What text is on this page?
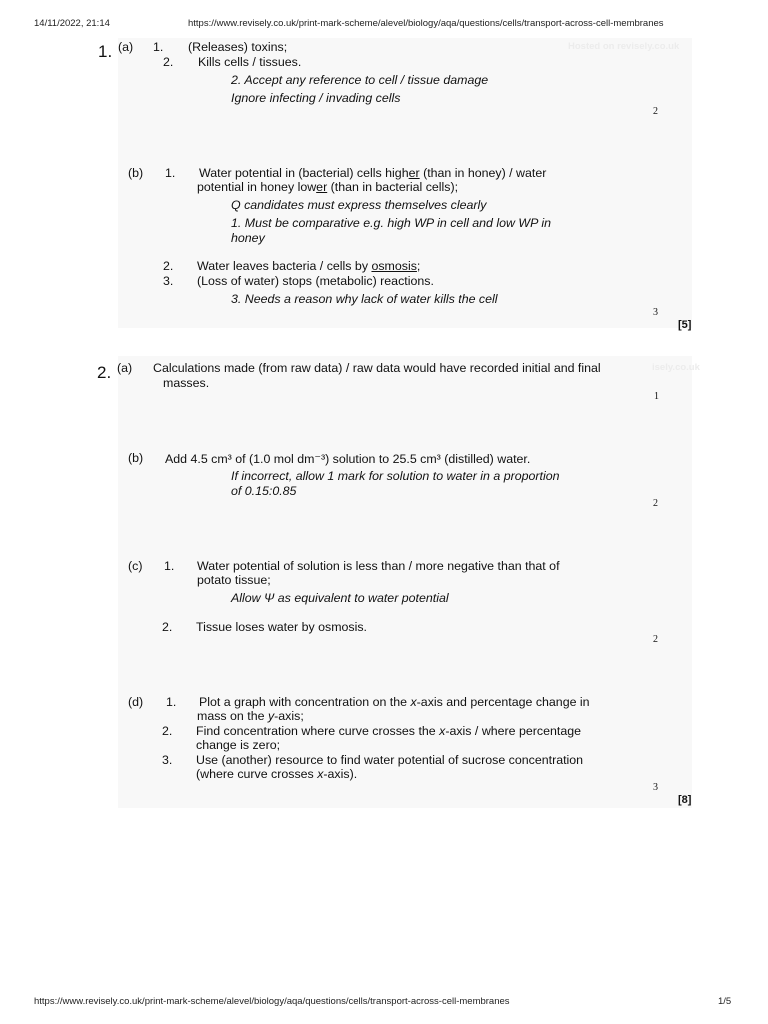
14/11/2022, 21:14	https://www.revisely.co.uk/print-mark-scheme/alevel/biology/aqa/questions/cells/transport-across-cell-membranes
Hosted on revisely.co.uk
isely.co.uk
1. (a) 1. (Releases) toxins;
2. Kills cells / tissues.
2. Accept any reference to cell / tissue damage
Ignore infecting / invading cells
2
(b) 1. Water potential in (bacterial) cells higher (than in honey) / water
potential in honey lower (than in bacterial cells);
Q candidates must express themselves clearly
1. Must be comparative e.g. high WP in cell and low WP in
honey
2. Water leaves bacteria / cells by osmosis;
3. (Loss of water) stops (metabolic) reactions.
3. Needs a reason why lack of water kills the cell
3
[5]
2. (a) Calculations made (from raw data) / raw data would have recorded initial and final
masses.
1
(b) Add 4.5 cm³ of (1.0 mol dm⁻³) solution to 25.5 cm³ (distilled) water.
If incorrect, allow 1 mark for solution to water in a proportion
of 0.15:0.85
2
(c) 1. Water potential of solution is less than / more negative than that of
potato tissue;
Allow Ψ as equivalent to water potential
2. Tissue loses water by osmosis.
2
(d) 1. Plot a graph with concentration on the x-axis and percentage change in
mass on the y-axis;
2. Find concentration where curve crosses the x-axis / where percentage
change is zero;
3. Use (another) resource to find water potential of sucrose concentration
(where curve crosses x-axis).
3
[8]
https://www.revisely.co.uk/print-mark-scheme/alevel/biology/aqa/questions/cells/transport-across-cell-membranes	1/5
